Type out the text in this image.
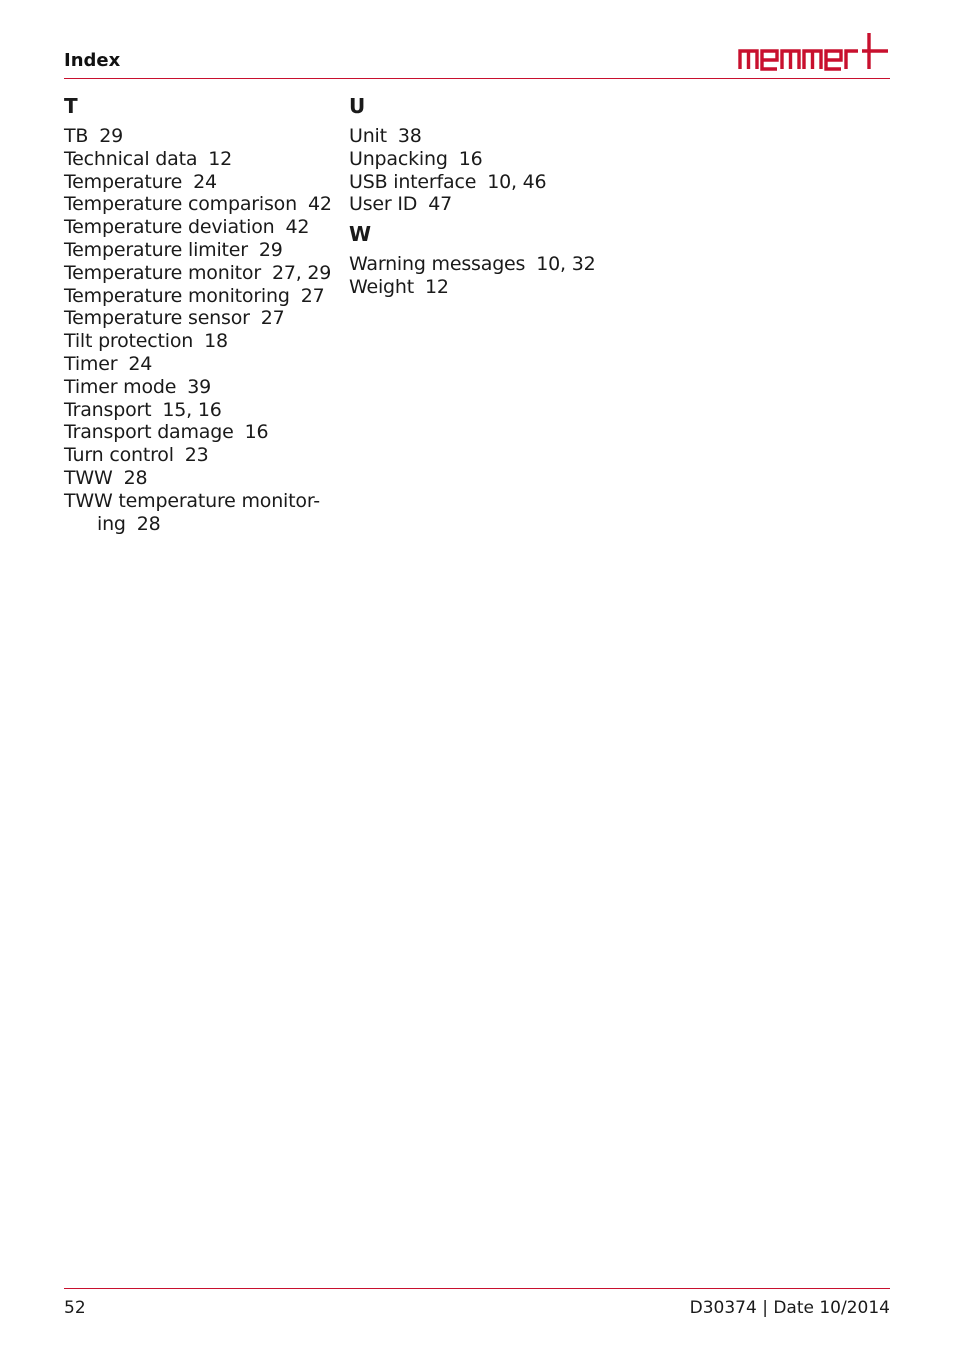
Index
T
TB 29
Technical data 12
Temperature 24
Temperature comparison 42
Temperature deviation 42
Temperature limiter 29
Temperature monitor 27, 29
Temperature monitoring 27
Temperature sensor 27
Tilt protection 18
Timer 24
Timer mode 39
Transport 15, 16
Transport damage 16
Turn control 23
TWW 28
TWW temperature monitor-ing 28
U
Unit 38
Unpacking 16
USB interface 10, 46
User ID 47
W
Warning messages 10, 32
Weight 12
52	D30374 | Date 10/2014
